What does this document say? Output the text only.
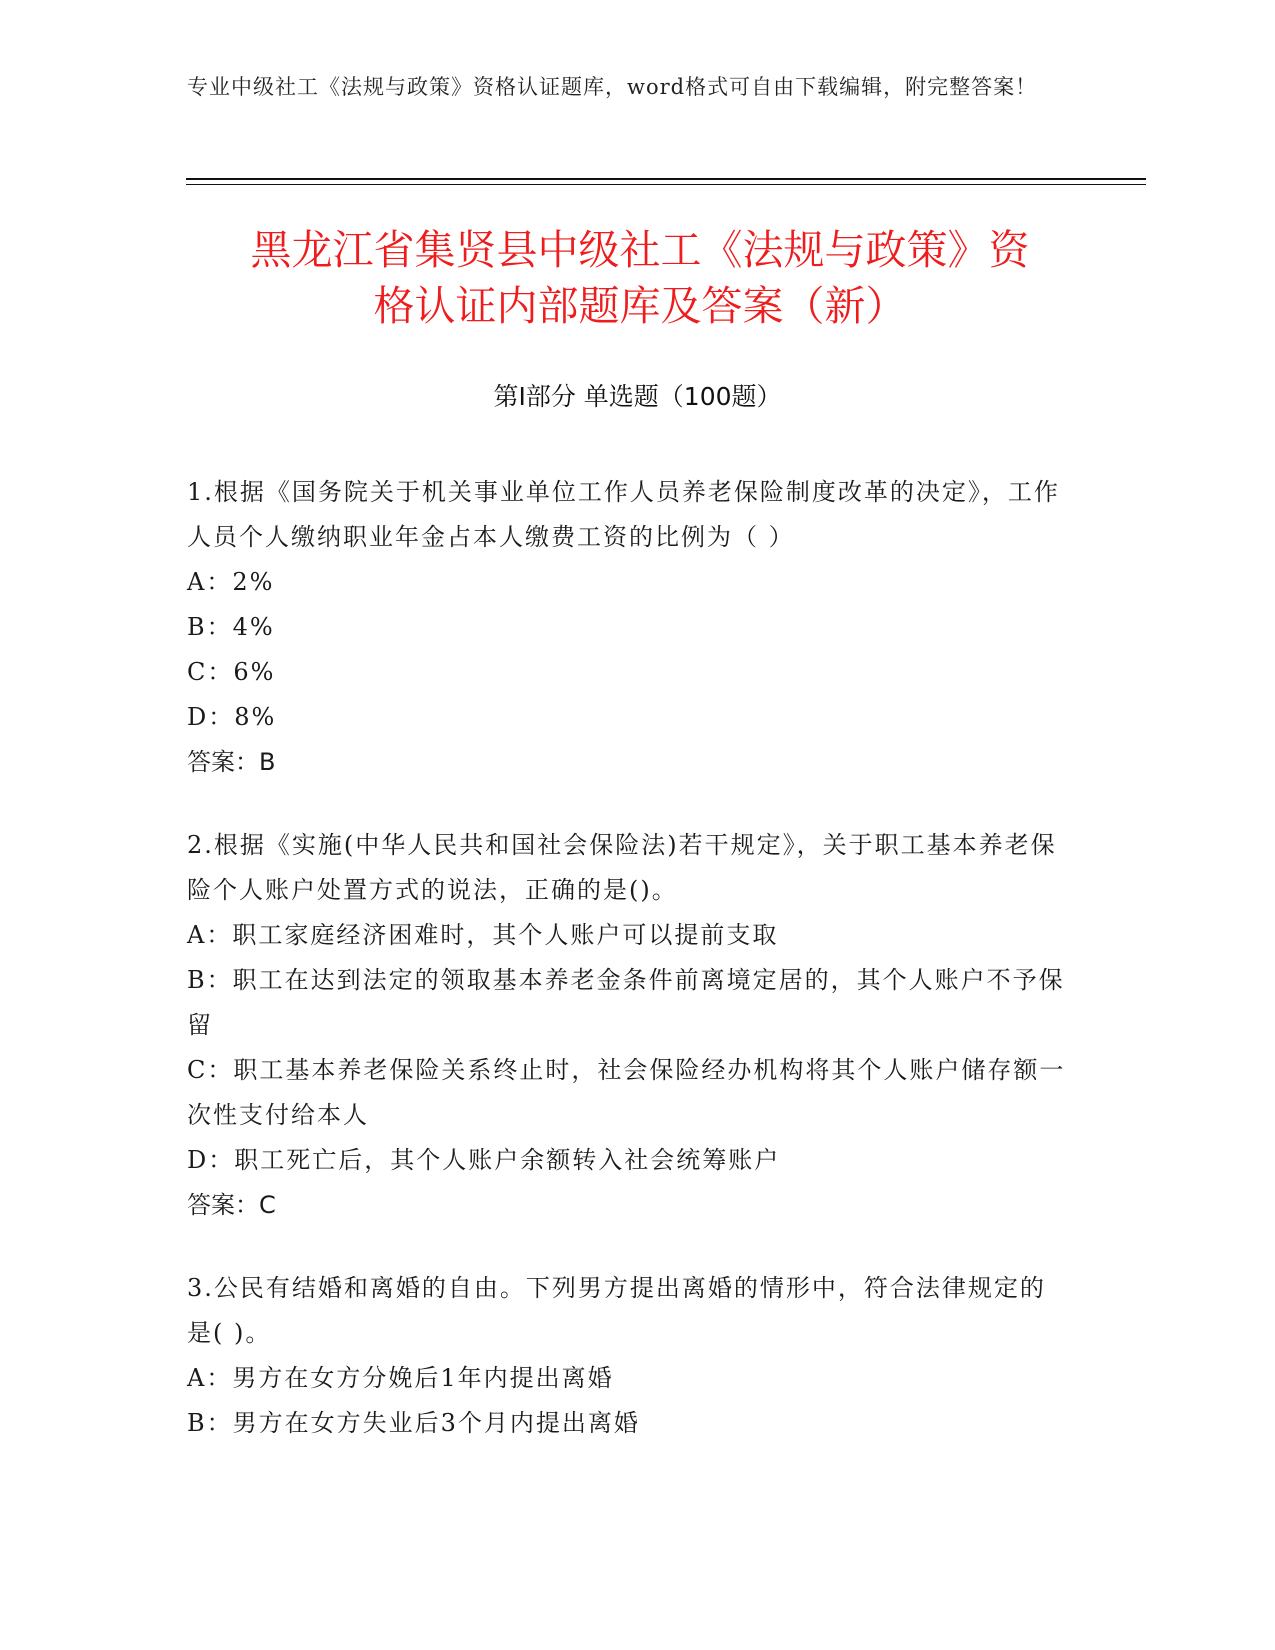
专业中级社工《法规与政策》资格认证题库，word格式可自由下载编辑，附完整答案！
黑龙江省集贤县中级社工《法规与政策》资
格认证内部题库及答案（新）
第I部分 单选题（100题）

1.根据《国务院关于机关事业单位工作人员养老保险制度改革的决定》，工作人员个人缴纳职业年金占本人缴费工资的比例为（ ）

A：2%

B：4%

C：6%

D：8%

答案：B

2.根据《实施(中华人民共和国社会保险法)若干规定》，关于职工基本养老保险个人账户处置方式的说法，正确的是()。

A：职工家庭经济困难时，其个人账户可以提前支取

B：职工在达到法定的领取基本养老金条件前离境定居的，其个人账户不予保留

C：职工基本养老保险关系终止时，社会保险经办机构将其个人账户储存额一次性支付给本人

D：职工死亡后，其个人账户余额转入社会统筹账户

答案：C

3.公民有结婚和离婚的自由。下列男方提出离婚的情形中，符合法律规定的是( )。

A：男方在女方分娩后1年内提出离婚

B：男方在女方失业后3个月内提出离婚
